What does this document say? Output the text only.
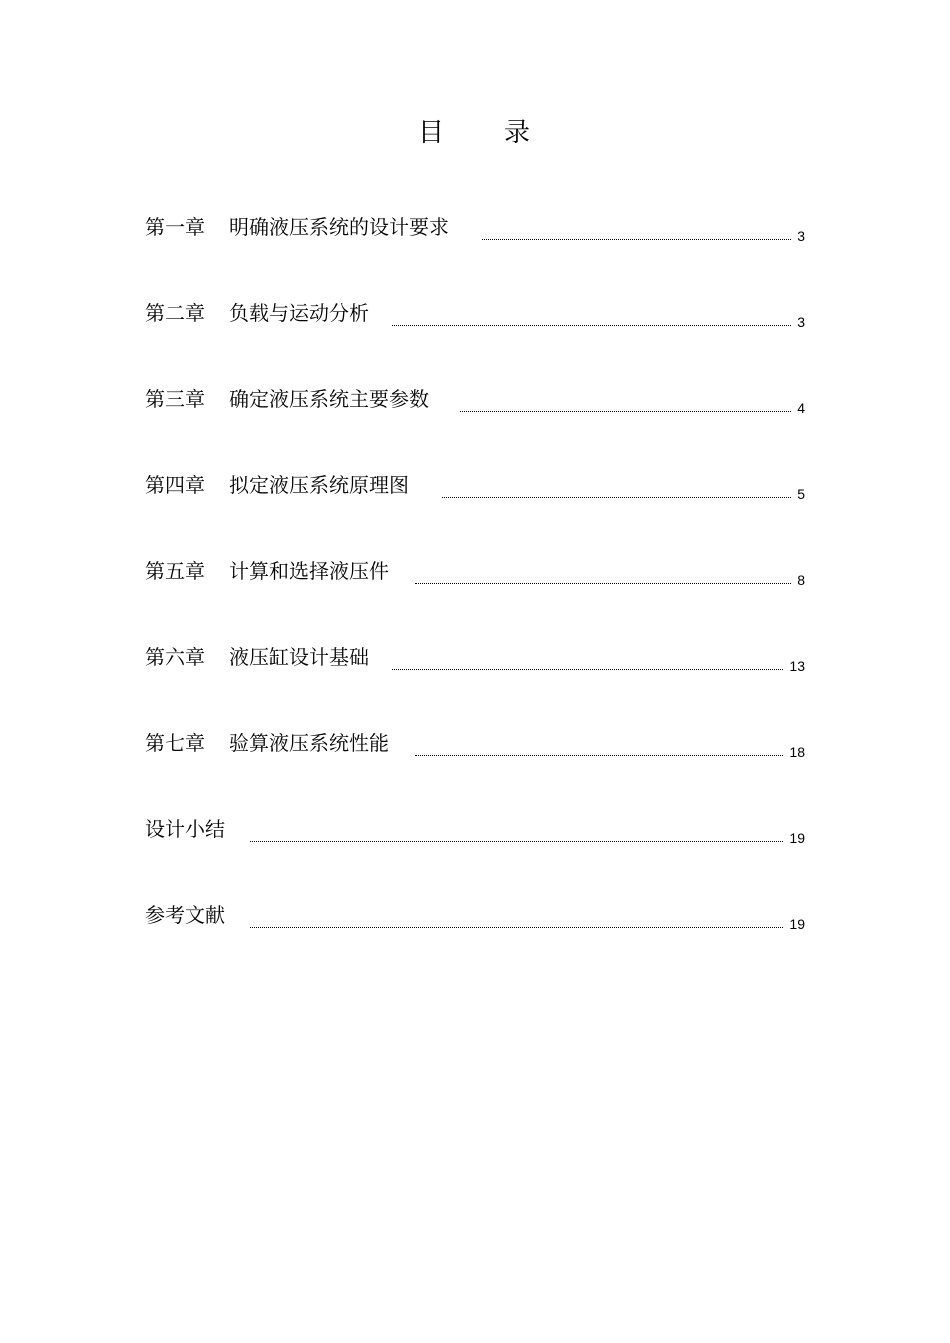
目 录
第一章 明确液压系统的设计要求	3
第二章 负载与运动分析	3
第三章 确定液压系统主要参数	4
第四章 拟定液压系统原理图	5
第五章 计算和选择液压件	8
第六章 液压缸设计基础	13
第七章 验算液压系统性能	18
设计小结	19
参考文献	19
